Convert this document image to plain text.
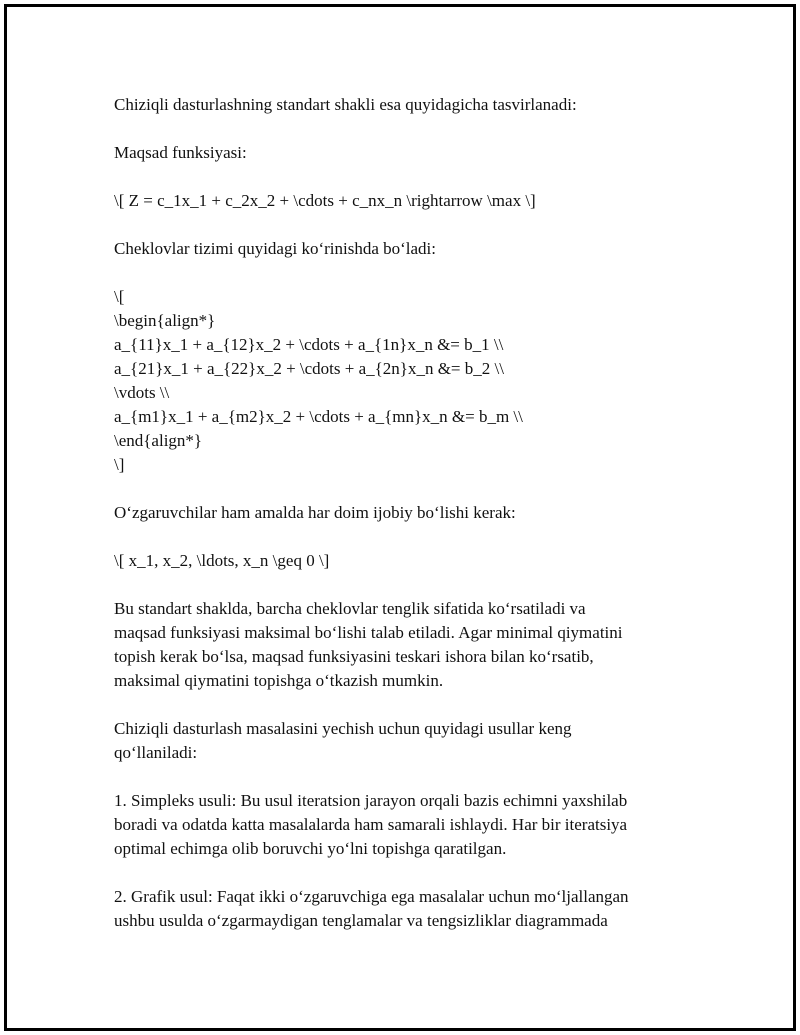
Chiziqli dasturlashning standart shakli esa quyidagicha tasvirlanadi:

Maqsad funksiyasi:

\[ Z = c_1x_1 + c_2x_2 + \cdots + c_nx_n \rightarrow \max \]

Cheklovlar tizimi quyidagi ko‘rinishda bo‘ladi:

\[
\begin{align*}
a_{11}x_1 + a_{12}x_2 + \cdots + a_{1n}x_n &= b_1 \\
a_{21}x_1 + a_{22}x_2 + \cdots + a_{2n}x_n &= b_2 \\
\vdots \\
a_{m1}x_1 + a_{m2}x_2 + \cdots + a_{mn}x_n &= b_m \\
\end{align*}
\]

O‘zgaruvchilar ham amalda har doim ijobiy bo‘lishi kerak:

\[ x_1, x_2, \ldots, x_n \geq 0 \]

Bu standart shaklda, barcha cheklovlar tenglik sifatida ko‘rsatiladi va
maqsad funksiyasi maksimal bo‘lishi talab etiladi. Agar minimal qiymatini
topish kerak bo‘lsa, maqsad funksiyasini teskari ishora bilan ko‘rsatib,
maksimal qiymatini topishga o‘tkazish mumkin.
Chiziqli dasturlash masalasini yechish uchun quyidagi usullar keng
qo‘llaniladi:
1. Simpleks usuli: Bu usul iteratsion jarayon orqali bazis echimni yaxshilab
boradi va odatda katta masalalarda ham samarali ishlaydi. Har bir iteratsiya
optimal echimga olib boruvchi yo‘lni topishga qaratilgan.
2. Grafik usul: Faqat ikki o‘zgaruvchiga ega masalalar uchun mo‘ljallangan
ushbu usulda o‘zgarmaydigan tenglamalar va tengsizliklar diagrammada
